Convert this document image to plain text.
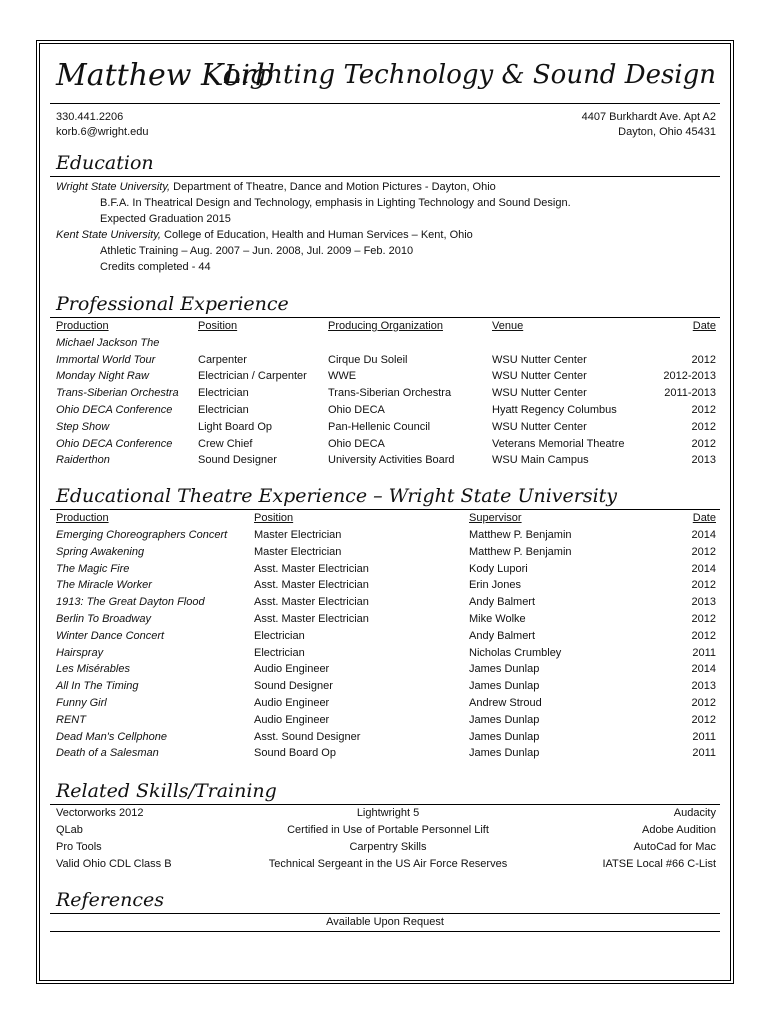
Matthew Korb
Lighting Technology & Sound Design
330.441.2206
korb.6@wright.edu
4407 Burkhardt Ave. Apt A2
Dayton, Ohio 45431
Education
Wright State University, Department of Theatre, Dance and Motion Pictures - Dayton, Ohio
B.F.A. In Theatrical Design and Technology, emphasis in Lighting Technology and Sound Design.
Expected Graduation 2015
Kent State University, College of Education, Health and Human Services – Kent, Ohio
Athletic Training – Aug. 2007 – Jun. 2008, Jul. 2009 – Feb. 2010
Credits completed - 44
Professional Experience
Production	Position	Producing Organization	Venue	Date
Michael Jackson The				
Immortal World Tour	Carpenter	Cirque Du Soleil	WSU Nutter Center	2012
Monday Night Raw	Electrician / Carpenter	WWE	WSU Nutter Center	2012-2013
Trans-Siberian Orchestra	Electrician	Trans-Siberian Orchestra	WSU Nutter Center	2011-2013
Ohio DECA Conference	Electrician	Ohio DECA	Hyatt Regency Columbus	2012
Step Show	Light Board Op	Pan-Hellenic Council	WSU Nutter Center	2012
Ohio DECA Conference	Crew Chief	Ohio DECA	Veterans Memorial Theatre	2012
Raiderthon	Sound Designer	University Activities Board	WSU Main Campus	2013
Educational Theatre Experience – Wright State University
Production	Position	Supervisor	Date
Emerging Choreographers Concert	Master Electrician	Matthew P. Benjamin	2014
Spring Awakening	Master Electrician	Matthew P. Benjamin	2012
The Magic Fire	Asst. Master Electrician	Kody Lupori	2014
The Miracle Worker	Asst. Master Electrician	Erin Jones	2012
1913: The Great Dayton Flood	Asst. Master Electrician	Andy Balmert	2013
Berlin To Broadway	Asst. Master Electrician	Mike Wolke	2012
Winter Dance Concert	Electrician	Andy Balmert	2012
Hairspray	Electrician	Nicholas Crumbley	2011
Les Misérables	Audio Engineer	James Dunlap	2014
All In The Timing	Sound Designer	James Dunlap	2013
Funny Girl	Audio Engineer	Andrew Stroud	2012
RENT	Audio Engineer	James Dunlap	2012
Dead Man's Cellphone	Asst. Sound Designer	James Dunlap	2011
Death of a Salesman	Sound Board Op	James Dunlap	2011
Related Skills/Training
Vectorworks 2012	Lightwright 5	Audacity
QLab	Certified in Use of Portable Personnel Lift	Adobe Audition
Pro Tools	Carpentry Skills	AutoCad for Mac
Valid Ohio CDL Class B	Technical Sergeant in the US Air Force Reserves	IATSE Local #66 C-List
References
Available Upon Request
